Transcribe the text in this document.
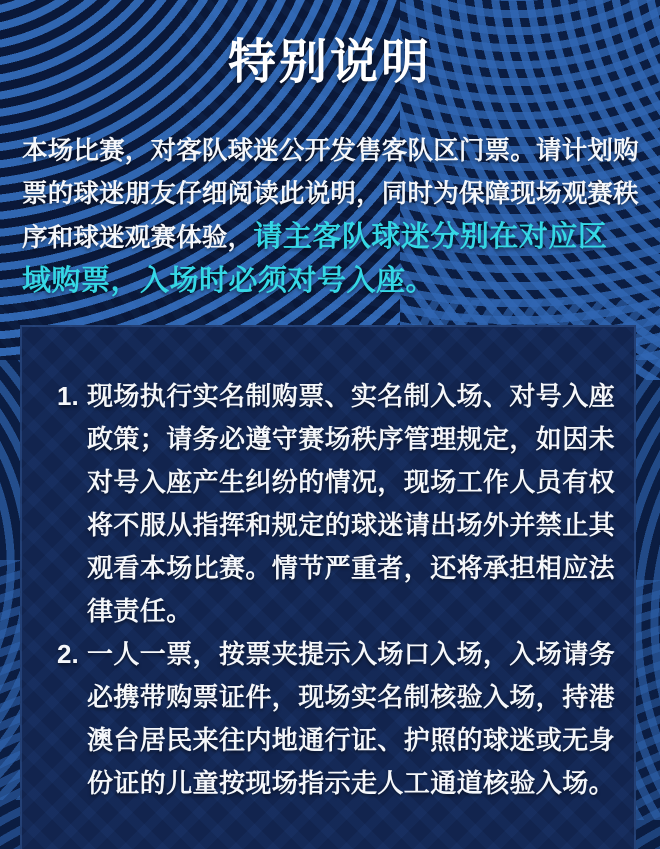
特别说明
本场比赛，对客队球迷公开发售客队区门票。请计划购
票的球迷朋友仔细阅读此说明，同时为保障现场观赛秩
序和球迷观赛体验，请主客队球迷分别在对应区
域购票，入场时必须对号入座。
1. 现场执行实名制购票、实名制入场、对号入座
政策；请务必遵守赛场秩序管理规定，如因未
对号入座产生纠纷的情况，现场工作人员有权
将不服从指挥和规定的球迷请出场外并禁止其
观看本场比赛。情节严重者，还将承担相应法
律责任。
2. 一人一票，按票夹提示入场口入场，入场请务
必携带购票证件，现场实名制核验入场，持港
澳台居民来往内地通行证、护照的球迷或无身
份证的儿童按现场指示走人工通道核验入场。
